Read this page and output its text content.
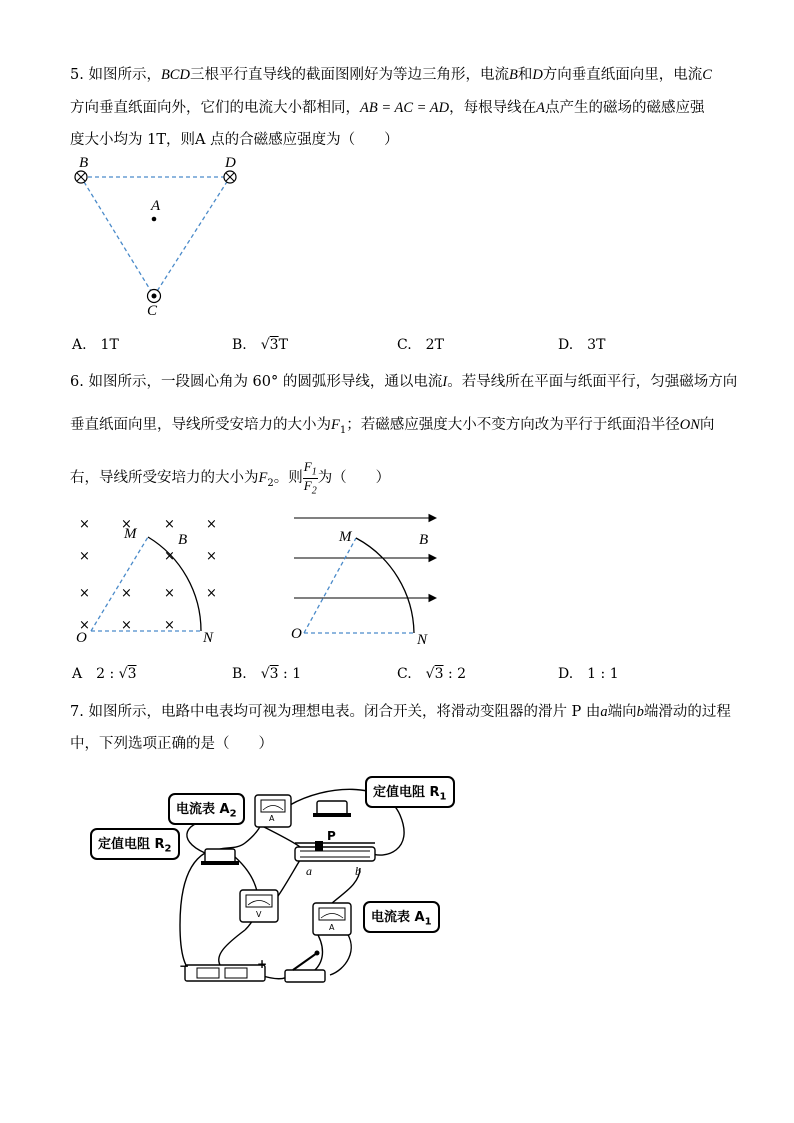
5. 如图所示，BCD三根平行直导线的截面图刚好为等边三角形，电流B和D方向垂直纸面向里，电流C
方向垂直纸面向外，它们的电流大小都相同，AB = AC = AD，每根导线在A点产生的磁场的磁感应强
度大小均为 1T，则A 点的合磁感应强度为（　　）
B	D
A
C
A.　1T	B.　√3T	C.　2T	D.　3T
6. 如图所示，一段圆心角为 60° 的圆弧形导线，通以电流I。若导线所在平面与纸面平行，匀强磁场方向
垂直纸面向里，导线所受安培力的大小为$F_1$；若磁感应强度大小不变方向改为平行于纸面沿半径ON向
右，导线所受安培力的大小为$F_2$。则 $\frac{F_1}{F_2}$ 为（　　）
× × × ×
×	× ×
× × × ×
× × ×
M	B
O	N
M	B
O	N
A　2 : √3	B.　√3 : 1	C.　√3 : 2	D.　1 : 1
7. 如图所示，电路中电表均可视为理想电表。闭合开关，将滑动变阻器的滑片 P 由a端向b端滑动的过程
中，下列选项正确的是（　　）
A
V
A
−	+
P
a	b
电流表 $A_2$
定值电阻 $R_1$
定值电阻 $R_2$
电流表 $A_1$
